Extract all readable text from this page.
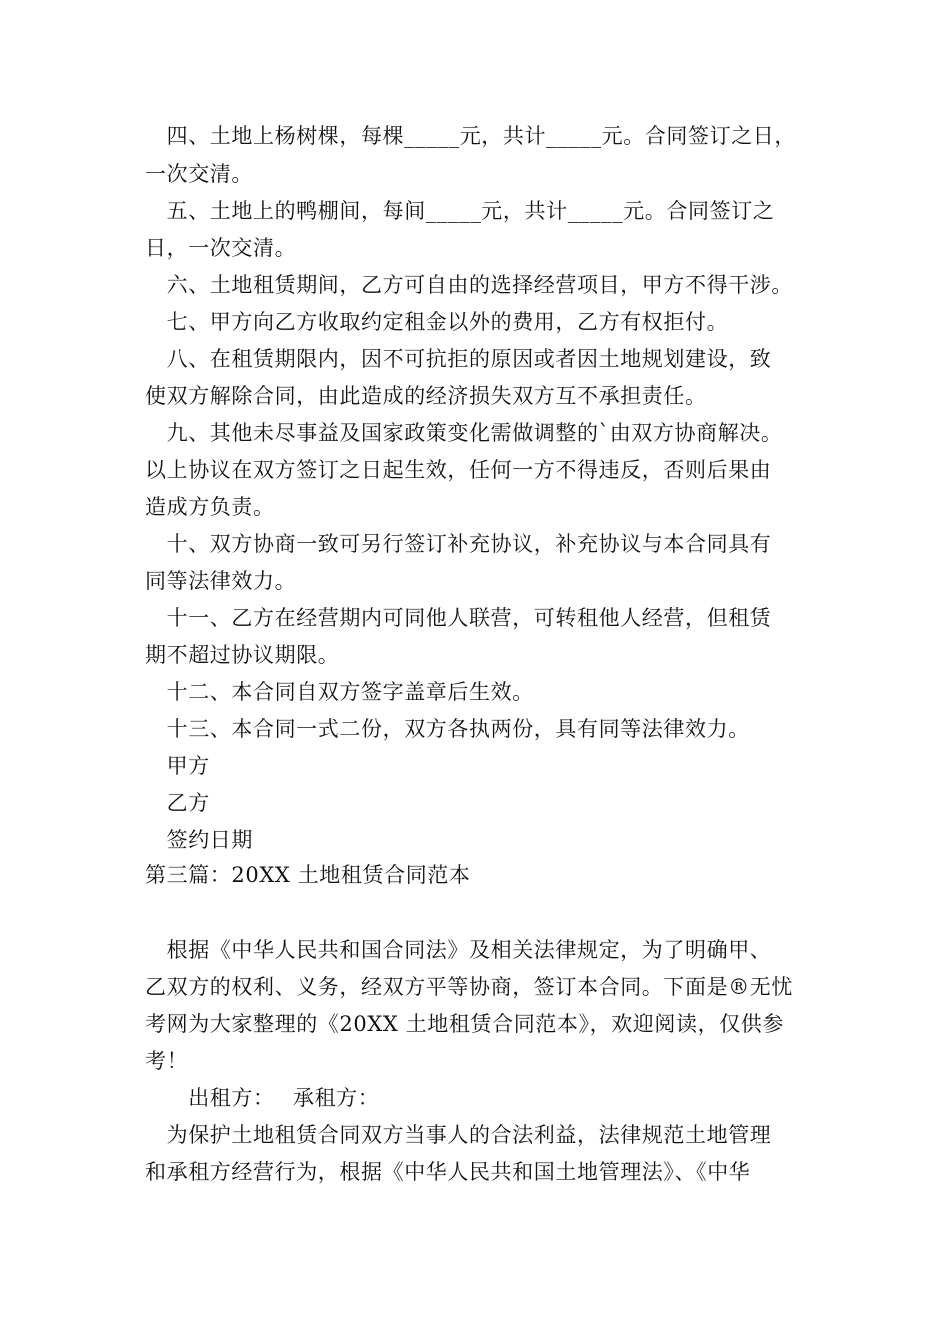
　四、土地上杨树棵，每棵_____元，共计_____元。合同签订之日，
一次交清。
　五、土地上的鸭棚间，每间_____元，共计_____元。合同签订之
日，一次交清。
　六、土地租赁期间，乙方可自由的选择经营项目，甲方不得干涉。
　七、甲方向乙方收取约定租金以外的费用，乙方有权拒付。
　八、在租赁期限内，因不可抗拒的原因或者因土地规划建设，致
使双方解除合同，由此造成的经济损失双方互不承担责任。
　九、其他未尽事益及国家政策变化需做调整的`由双方协商解决。
以上协议在双方签订之日起生效，任何一方不得违反，否则后果由
造成方负责。
　十、双方协商一致可另行签订补充协议，补充协议与本合同具有
同等法律效力。
　十一、乙方在经营期内可同他人联营，可转租他人经营，但租赁
期不超过协议期限。
　十二、本合同自双方签字盖章后生效。
　十三、本合同一式二份，双方各执两份，具有同等法律效力。
　甲方
　乙方
　签约日期
第三篇：20XX 土地租赁合同范本
　根据《中华人民共和国合同法》及相关法律规定，为了明确甲、
乙双方的权利、义务，经双方平等协商，签订本合同。下面是®无忧
考网为大家整理的《20XX 土地租赁合同范本》，欢迎阅读，仅供参
考！
　　出租方：　 承租方：
　为保护土地租赁合同双方当事人的合法利益，法律规范土地管理
和承租方经营行为，根据《中华人民共和国土地管理法》、《中华
